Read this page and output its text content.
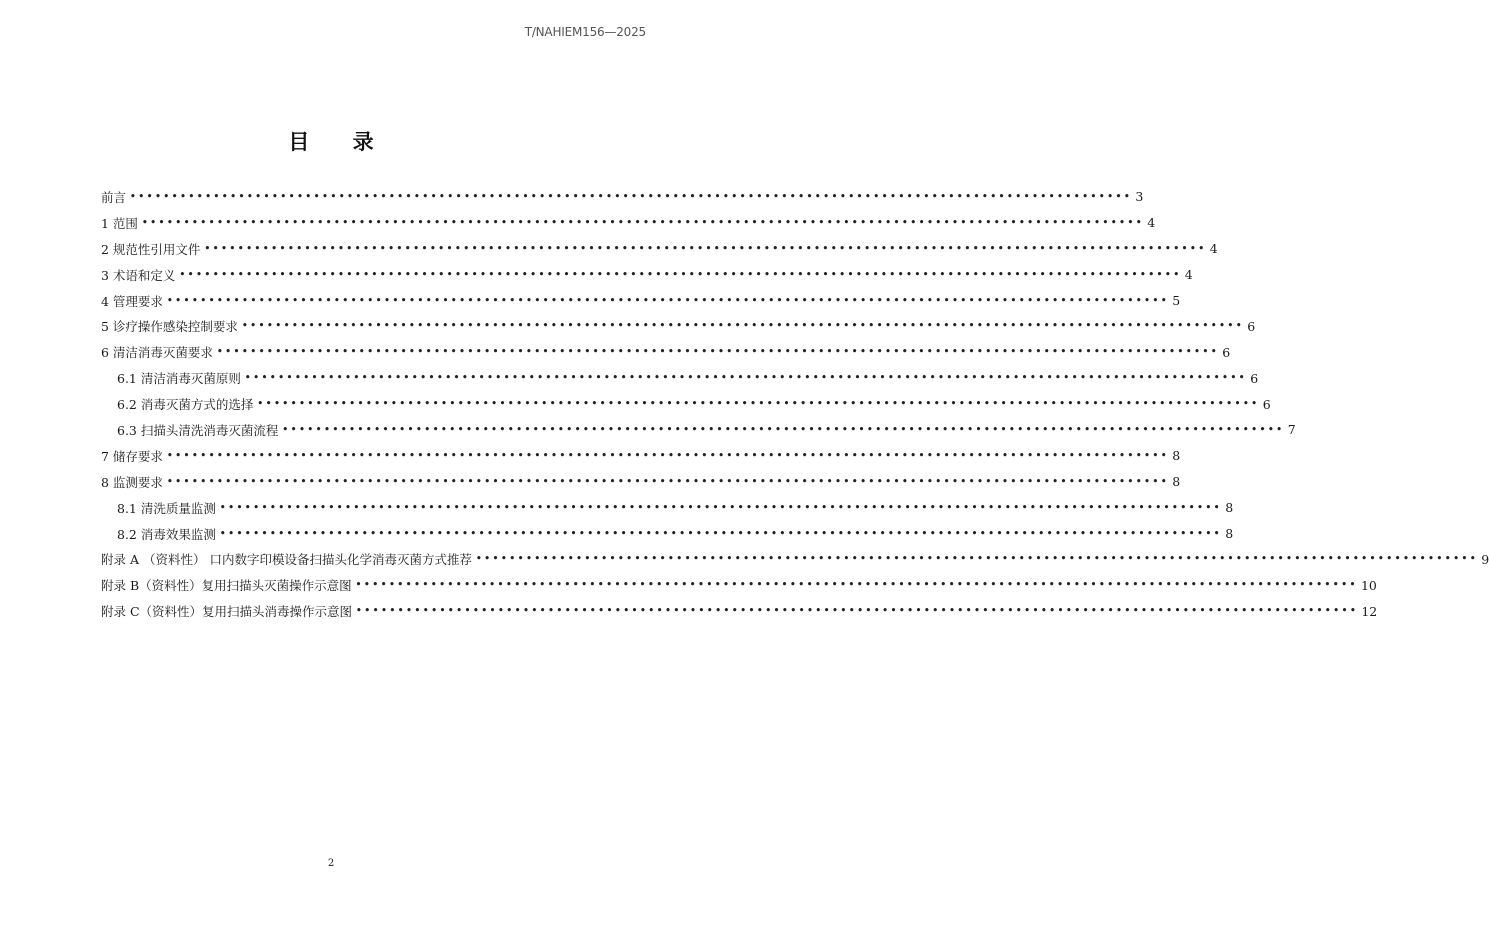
T/NAHIEM156—2025
目 录
前言 •••••••••••••••••••••••••••••••••••••••••••••••••••••••••••••••••••••••••••••••••••••••••••••••••••••••••••••••••••••••• 3
1 范围 •••••••••••••••••••••••••••••••••••••••••••••••••••••••••••••••••••••••••••••••••••••••••••••••••••••••••••••••••••••••• 4
2 规范性引用文件 •••••••••••••••••••••••••••••••••••••••••••••••••••••••••••••••••••••••••••••••••••••••••••••••••••••••••••••••••••••••• 4
3 术语和定义 •••••••••••••••••••••••••••••••••••••••••••••••••••••••••••••••••••••••••••••••••••••••••••••••••••••••••••••••••••••••• 4
4 管理要求 •••••••••••••••••••••••••••••••••••••••••••••••••••••••••••••••••••••••••••••••••••••••••••••••••••••••••••••••••••••••• 5
5 诊疗操作感染控制要求 •••••••••••••••••••••••••••••••••••••••••••••••••••••••••••••••••••••••••••••••••••••••••••••••••••••••••••••••••••••••• 6
6 清洁消毒灭菌要求 •••••••••••••••••••••••••••••••••••••••••••••••••••••••••••••••••••••••••••••••••••••••••••••••••••••••••••••••••••••••• 6
6.1 清洁消毒灭菌原则 •••••••••••••••••••••••••••••••••••••••••••••••••••••••••••••••••••••••••••••••••••••••••••••••••••••••••••••••••••••••• 6
6.2 消毒灭菌方式的选择 •••••••••••••••••••••••••••••••••••••••••••••••••••••••••••••••••••••••••••••••••••••••••••••••••••••••••••••••••••••••• 6
6.3 扫描头清洗消毒灭菌流程 •••••••••••••••••••••••••••••••••••••••••••••••••••••••••••••••••••••••••••••••••••••••••••••••••••••••••••••••••••••••• 7
7 储存要求 •••••••••••••••••••••••••••••••••••••••••••••••••••••••••••••••••••••••••••••••••••••••••••••••••••••••••••••••••••••••• 8
8 监测要求 •••••••••••••••••••••••••••••••••••••••••••••••••••••••••••••••••••••••••••••••••••••••••••••••••••••••••••••••••••••••• 8
8.1 清洗质量监测 •••••••••••••••••••••••••••••••••••••••••••••••••••••••••••••••••••••••••••••••••••••••••••••••••••••••••••••••••••••••• 8
8.2 消毒效果监测 •••••••••••••••••••••••••••••••••••••••••••••••••••••••••••••••••••••••••••••••••••••••••••••••••••••••••••••••••••••••• 8
附录 A （资料性） 口内数字印模设备扫描头化学消毒灭菌方式推荐 •••••••••••••••••••••••••••••••••••••••••••••••••••••••••••••••••••••••••••••••••••••••••••••••••••••••••••••••••••••••• 9
附录 B（资料性）复用扫描头灭菌操作示意图 •••••••••••••••••••••••••••••••••••••••••••••••••••••••••••••••••••••••••••••••••••••••••••••••••••••••••••••••••••••••• 10
附录 C（资料性）复用扫描头消毒操作示意图 •••••••••••••••••••••••••••••••••••••••••••••••••••••••••••••••••••••••••••••••••••••••••••••••••••••••••••••••••••••••• 12
2
